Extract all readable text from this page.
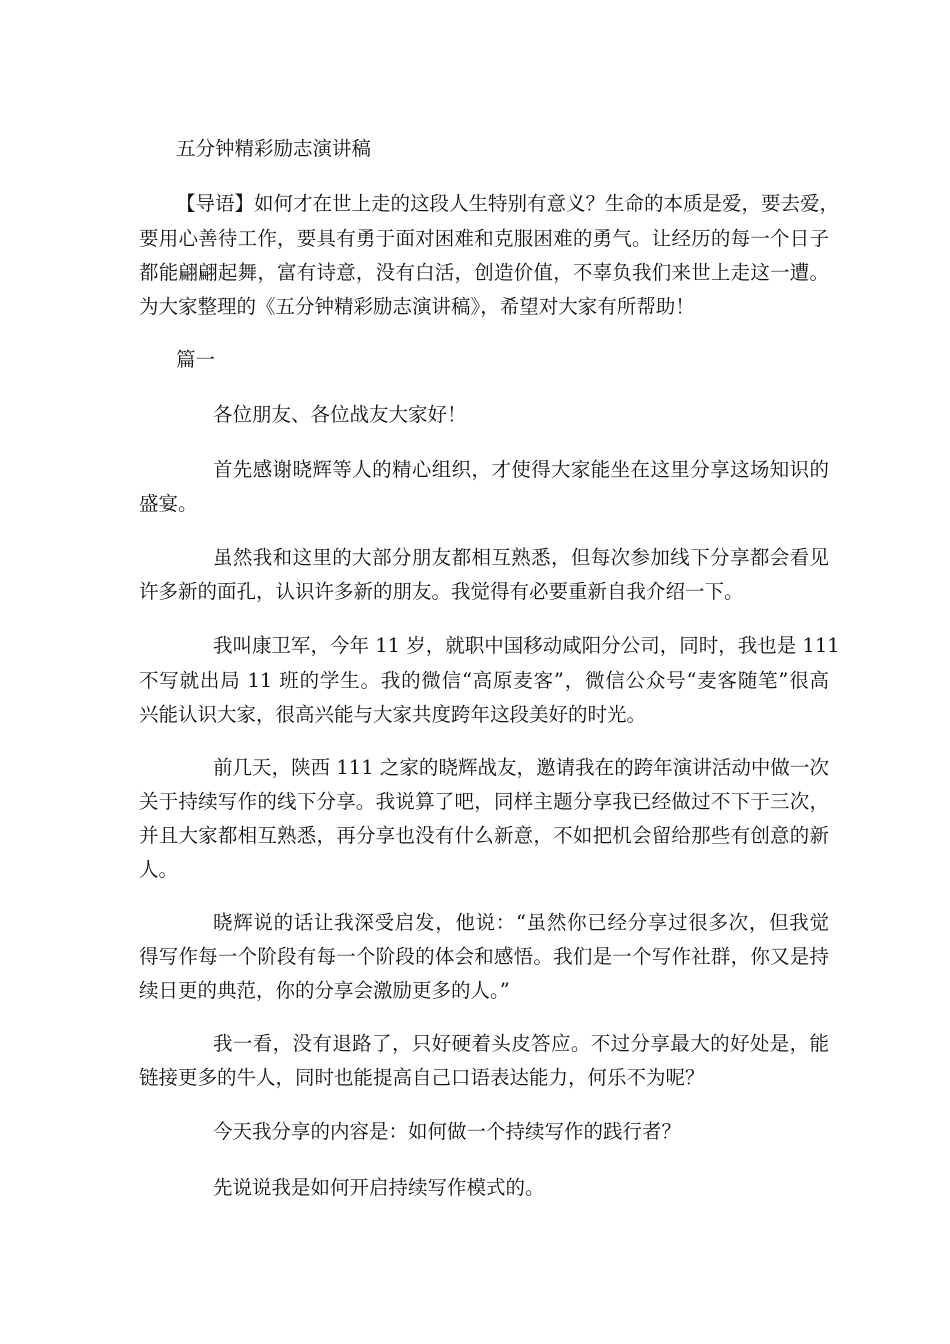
五分钟精彩励志演讲稿
【导语】如何才在世上走的这段人生特别有意义？生命的本质是爱，要去爱，
要用心善待工作，要具有勇于面对困难和克服困难的勇气。让经历的每一个日子
都能翩翩起舞，富有诗意，没有白活，创造价值，不辜负我们来世上走这一遭。
为大家整理的《五分钟精彩励志演讲稿》，希望对大家有所帮助！
篇一
各位朋友、各位战友大家好！
首先感谢晓辉等人的精心组织，才使得大家能坐在这里分享这场知识的
盛宴。
虽然我和这里的大部分朋友都相互熟悉，但每次参加线下分享都会看见
许多新的面孔，认识许多新的朋友。我觉得有必要重新自我介绍一下。
我叫康卫军，今年 11 岁，就职中国移动咸阳分公司，同时，我也是 111
不写就出局 11 班的学生。我的微信“高原麦客”，微信公众号“麦客随笔”很高
兴能认识大家，很高兴能与大家共度跨年这段美好的时光。
前几天，陕西 111 之家的晓辉战友，邀请我在的跨年演讲活动中做一次
关于持续写作的线下分享。我说算了吧，同样主题分享我已经做过不下于三次，
并且大家都相互熟悉，再分享也没有什么新意，不如把机会留给那些有创意的新
人。
晓辉说的话让我深受启发，他说：“虽然你已经分享过很多次，但我觉
得写作每一个阶段有每一个阶段的体会和感悟。我们是一个写作社群，你又是持
续日更的典范，你的分享会激励更多的人。”
我一看，没有退路了，只好硬着头皮答应。不过分享最大的好处是，能
链接更多的牛人，同时也能提高自己口语表达能力，何乐不为呢？
今天我分享的内容是：如何做一个持续写作的践行者？
先说说我是如何开启持续写作模式的。
